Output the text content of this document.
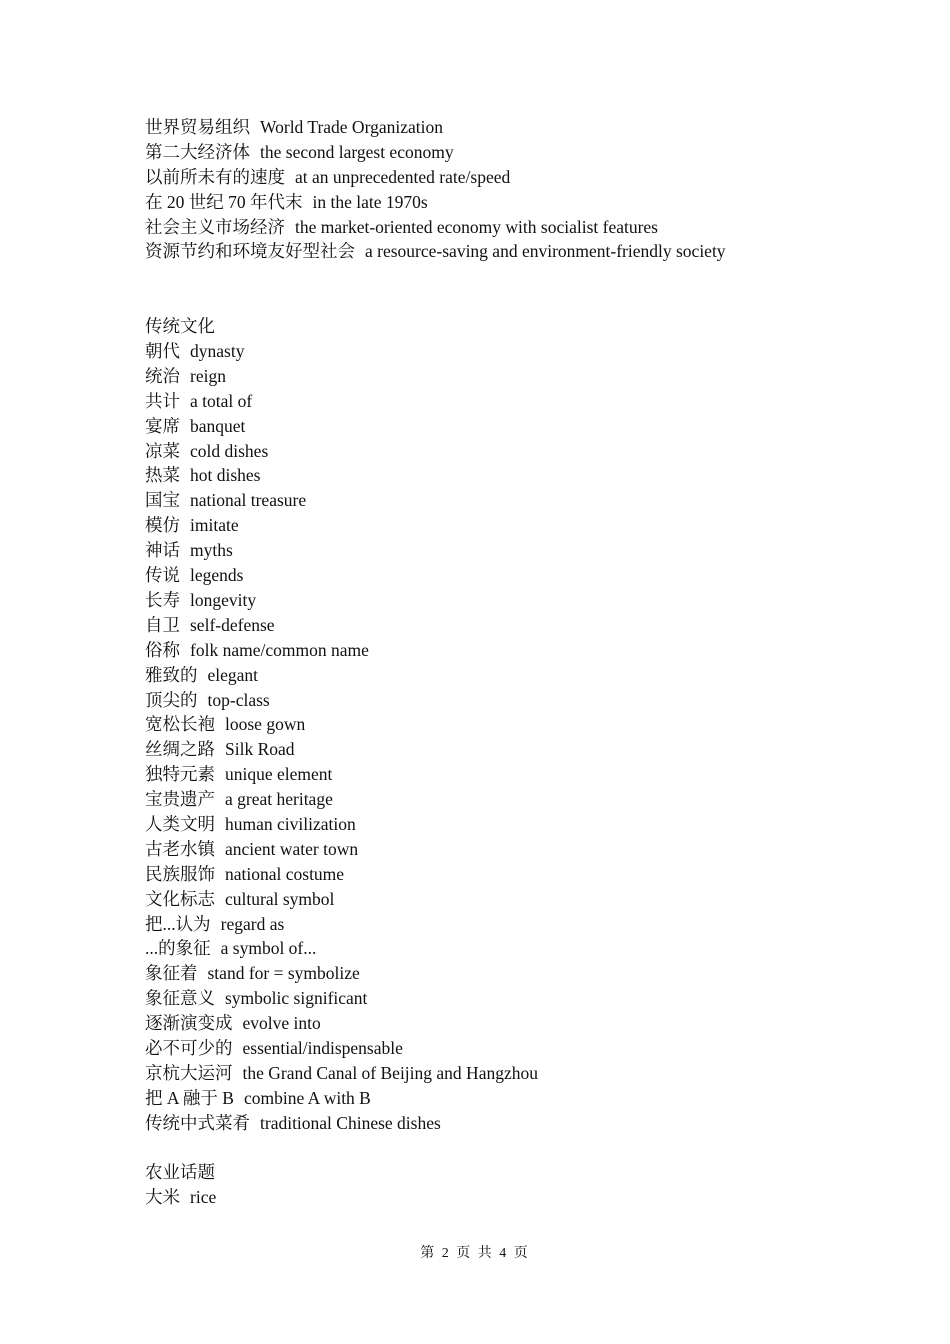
世界贸易组织 World Trade Organization
第二大经济体 the second largest economy
以前所未有的速度 at an unprecedented rate/speed
在 20 世纪 70 年代末 in the late 1970s
社会主义市场经济 the market-oriented economy with socialist features
资源节约和环境友好型社会 a resource-saving and environment-friendly society
传统文化
朝代 dynasty
统治 reign
共计 a total of
宴席 banquet
凉菜 cold dishes
热菜 hot dishes
国宝 national treasure
模仿 imitate
神话 myths
传说 legends
长寿 longevity
自卫 self-defense
俗称 folk name/common name
雅致的 elegant
顶尖的 top-class
宽松长袍 loose gown
丝绸之路 Silk Road
独特元素 unique element
宝贵遗产 a great heritage
人类文明 human civilization
古老水镇 ancient water town
民族服饰 national costume
文化标志 cultural symbol
把...认为 regard as
...的象征 a symbol of...
象征着 stand for = symbolize
象征意义 symbolic significant
逐渐演变成 evolve into
必不可少的 essential/indispensable
京杭大运河 the Grand Canal of Beijing and Hangzhou
把 A 融于 B combine A with B
传统中式菜肴 traditional Chinese dishes
农业话题
大米 rice
第 2 页 共 4 页
